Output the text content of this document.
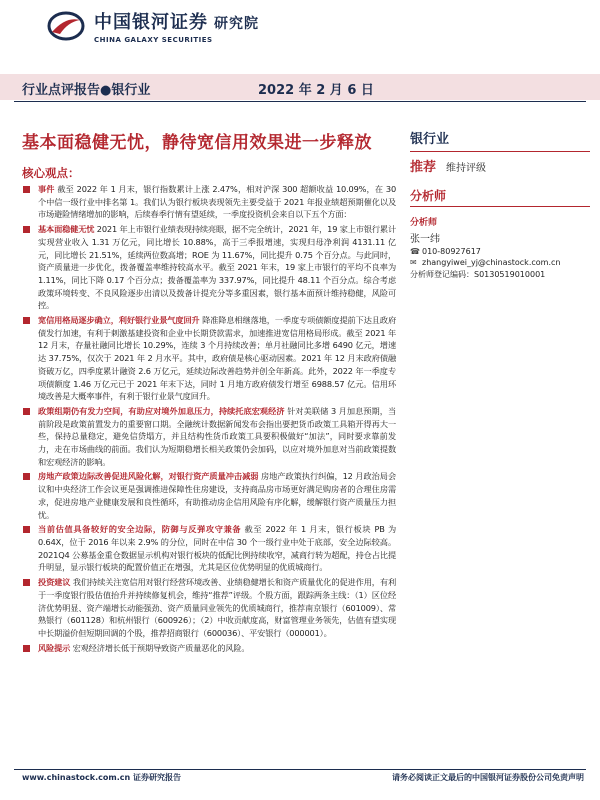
中国银河证券 研究院
CHINA GALAXY SECURITIES
行业点评报告●银行业	2022 年 2 月 6 日
基本面稳健无忧，静待宽信用效果进一步释放
核心观点：
事件 截至 2022 年 1 月末，银行指数累计上涨 2.47%，相对沪深 300 超额收益 10.09%，在 30 个中信一级行业中排名第 1。我们认为银行板块表现领先主要受益于 2021 年报业绩超预期催化以及市场避险情绪增加的影响，后续春季行情有望延续，一季度投资机会来自以下五个方面：
基本面稳健无忧 2021 年上市银行业绩表现持续亮眼，据不完全统计，2021 年，19 家上市银行累计实现营业收入 1.31 万亿元，同比增长 10.88%，高于三季报增速，实现归母净利润 4131.11 亿元，同比增长 21.51%，延续两位数高增；ROE 为 11.67%，同比提升 0.75 个百分点。与此同时，资产质量进一步优化，拨备覆盖率维持较高水平。截至 2021 年末，19 家上市银行的平均不良率为 1.11%，同比下降 0.17 个百分点；拨备覆盖率为 337.97%，同比提升 48.11 个百分点。综合考虑政策环境转变、不良风险逐步出清以及拨备计提充分等多重因素，银行基本面预计维持稳健，风险可控。
宽信用格局逐步确立，利好银行业景气度回升 降准降息相继落地，一季度专项债额度提前下达且政府债发行加速，有利于刺激基建投资和企业中长期贷款需求，加速推进宽信用格局形成。截至 2021 年 12 月末，存量社融同比增长 10.29%，连续 3 个月持续改善；单月社融同比多增 6490 亿元，增速达 37.75%，仅次于 2021 年 2 月水平。其中，政府债是核心驱动因素。2021 年 12 月末政府债融资破万亿，四季度累计融资 2.6 万亿元，延续边际改善趋势并创全年新高。此外，2022 年一季度专项债额度 1.46 万亿元已于 2021 年末下达，同时 1 月地方政府债发行增至 6988.57 亿元。信用环境改善是大概率事件，有利于银行业景气度回升。
政策组期仍有发力空间，有助应对境外加息压力，持续托底宏观经济 针对美联储 3 月加息预期，当前阶段是政策前置发力的重要窗口期。全融统计数据新闻发布会指出要把货币政策工具箱开得再大一些，保持总量稳定，避免信贷塌方，并且结构性货币政策工具要积极做好“加法”，同时要求靠前发力，走在市场曲线的前面。我们认为短期稳增长相关政策仍会加码，以应对境外加息对当前政策提数和宏观经济的影响。
房地产政策边际改善促进风险化解，对银行资产质量冲击减弱 房地产政策执行纠偏，12 月政治局会议和中央经济工作会议更是强调推进保障性住房建设，支持商品房市场更好满足购房者的合理住房需求，促进房地产业健康发展和良性循环，有助推动房企信用风险有序化解，缓解银行资产质量压力担忧。
当前估值具备较好的安全边际，防御与反弹攻守兼备 截至 2022 年 1 月末，银行板块 PB 为 0.64X，位于 2016 年以来 2.9% 的分位，同时在中信 30 个一级行业中处于底部，安全边际较高。2021Q4 公募基金重仓数据显示机构对银行板块的低配比例持续收窄，减商行转为超配，持仓占比提升明显，显示银行板块的配置价值正在增强，尤其是区位优势明显的优质城商行。
投资建议 我们持续关注宽信用对银行经营环境改善、业绩稳健增长和资产质量优化的促进作用，有利于一季度银行股估值抬升并持续修复机会，维持“推荐”评级。个股方面，跟踪两条主线：（1）区位经济优势明显、资产端增长动能强劲、资产质量同业领先的优质城商行，推荐南京银行（601009）、常熟银行（601128）和杭州银行（600926）；（2）中收贡献度高，财富管理业务领先，估值有望实现中长期溢价但短期回调的个股，推荐招商银行（600036）、平安银行（000001）。
风险提示 宏观经济增长低于预期导致资产质量恶化的风险。
银行业
推荐 维持评级
分析师
分析师
张一纬
☎ 010-80927617
✉ zhangyiwei_yj@chinastock.com.cn
分析师登记编码：S0130519010001
www.chinastock.com.cn 证券研究报告	请务必阅读正文最后的中国银河证券股份公司免责声明
